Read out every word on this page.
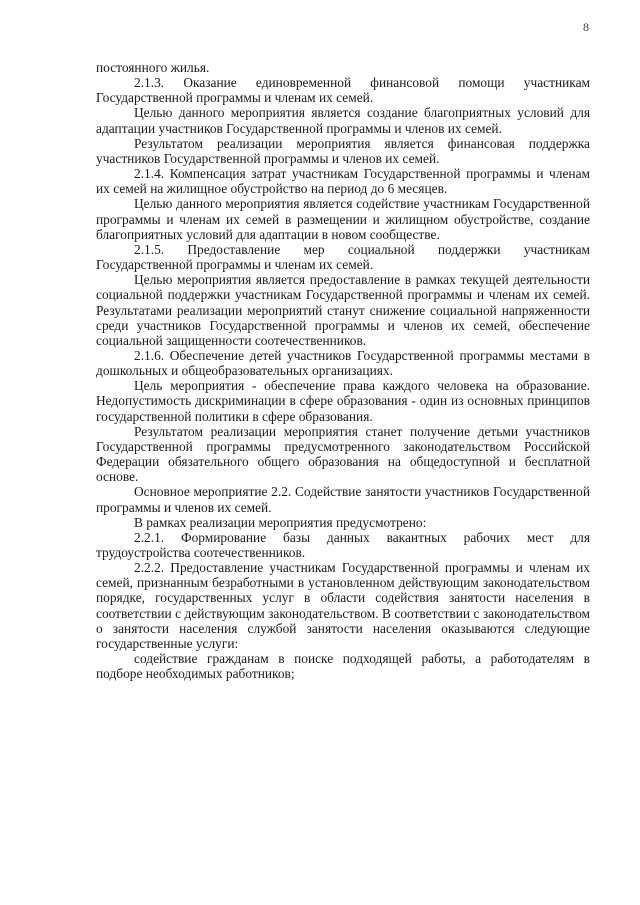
8

постоянного жилья.

2.1.3. Оказание единовременной финансовой помощи участникам Государственной программы и членам их семей.

Целью данного мероприятия является создание благоприятных условий для адаптации участников Государственной программы и членов их семей.

Результатом реализации мероприятия является финансовая поддержка участников Государственной программы и членов их семей.

2.1.4. Компенсация затрат участникам Государственной программы и членам их семей на жилищное обустройство на период до 6 месяцев.

Целью данного мероприятия является содействие участникам Государственной программы и членам их семей в размещении и жилищном обустройстве, создание благоприятных условий для адаптации в новом сообществе.

2.1.5. Предоставление мер социальной поддержки участникам Государственной программы и членам их семей.

Целью мероприятия является предоставление в рамках текущей деятельности социальной поддержки участникам Государственной программы и членам их семей. Результатами реализации мероприятий станут снижение социальной напряженности среди участников Государственной программы и членов их семей, обеспечение социальной защищенности соотечественников.

2.1.6. Обеспечение детей участников Государственной программы местами в дошкольных и общеобразовательных организациях.

Цель мероприятия - обеспечение права каждого человека на образование. Недопустимость дискриминации в сфере образования - один из основных принципов государственной политики в сфере образования.

Результатом реализации мероприятия станет получение детьми участников Государственной программы предусмотренного законодательством Российской Федерации обязательного общего образования на общедоступной и бесплатной основе.

Основное мероприятие 2.2. Содействие занятости участников Государственной программы и членов их семей.

В рамках реализации мероприятия предусмотрено:

2.2.1. Формирование базы данных вакантных рабочих мест для трудоустройства соотечественников.

2.2.2. Предоставление участникам Государственной программы и членам их семей, признанным безработными в установленном действующим законодательством порядке, государственных услуг в области содействия занятости населения в соответствии с действующим законодательством. В соответствии с законодательством о занятости населения службой занятости населения оказываются следующие государственные услуги:

содействие гражданам в поиске подходящей работы, а работодателям в подборе необходимых работников;
